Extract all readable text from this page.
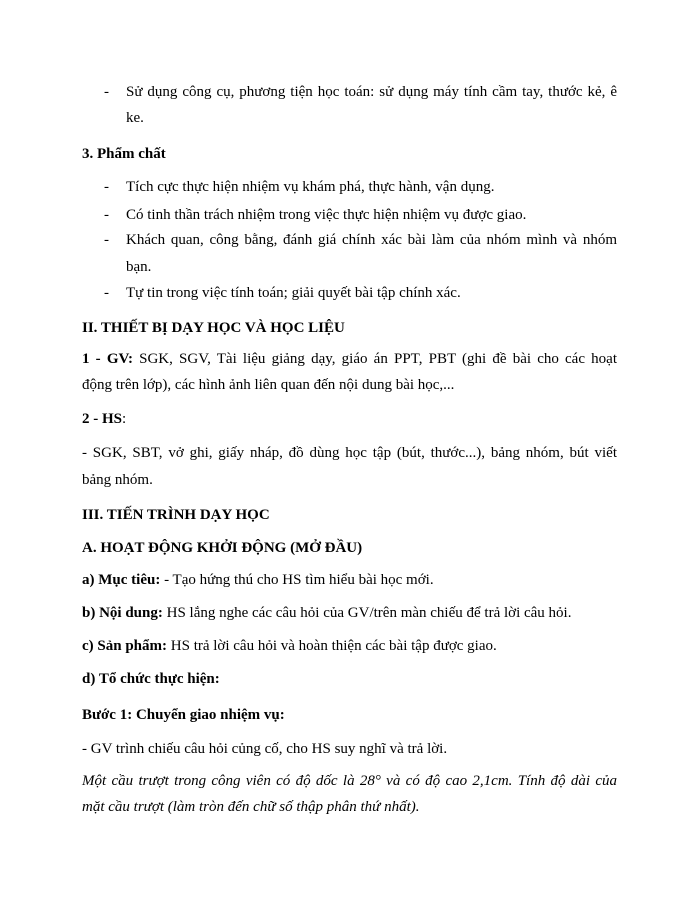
- Sử dụng công cụ, phương tiện học toán: sử dụng máy tính cầm tay, thước kẻ, ê
ke.
3. Phẩm chất
- Tích cực thực hiện nhiệm vụ khám phá, thực hành, vận dụng.
- Có tinh thần trách nhiệm trong việc thực hiện nhiệm vụ được giao.
- Khách quan, công bằng, đánh giá chính xác bài làm của nhóm mình và nhóm
bạn.
- Tự tin trong việc tính toán; giải quyết bài tập chính xác.
II. THIẾT BỊ DẠY HỌC VÀ HỌC LIỆU
1 - GV: SGK, SGV, Tài liệu giảng dạy, giáo án PPT, PBT (ghi đề bài cho các hoạt
động trên lớp), các hình ảnh liên quan đến nội dung bài học,...
2 - HS:
- SGK, SBT, vở ghi, giấy nháp, đồ dùng học tập (bút, thước...), bảng nhóm, bút viết
bảng nhóm.
III. TIẾN TRÌNH DẠY HỌC
A. HOẠT ĐỘNG KHỞI ĐỘNG (MỞ ĐẦU)
a) Mục tiêu: - Tạo hứng thú cho HS tìm hiểu bài học mới.
b) Nội dung: HS lắng nghe các câu hỏi của GV/trên màn chiếu để trả lời câu hỏi.
c) Sản phẩm: HS trả lời câu hỏi và hoàn thiện các bài tập được giao.
d) Tổ chức thực hiện:
Bước 1: Chuyển giao nhiệm vụ:
- GV trình chiếu câu hỏi củng cố, cho HS suy nghĩ và trả lời.
Một cầu trượt trong công viên có độ dốc là 28° và có độ cao 2,1cm. Tính độ dài của
mặt cầu trượt (làm tròn đến chữ số thập phân thứ nhất).
